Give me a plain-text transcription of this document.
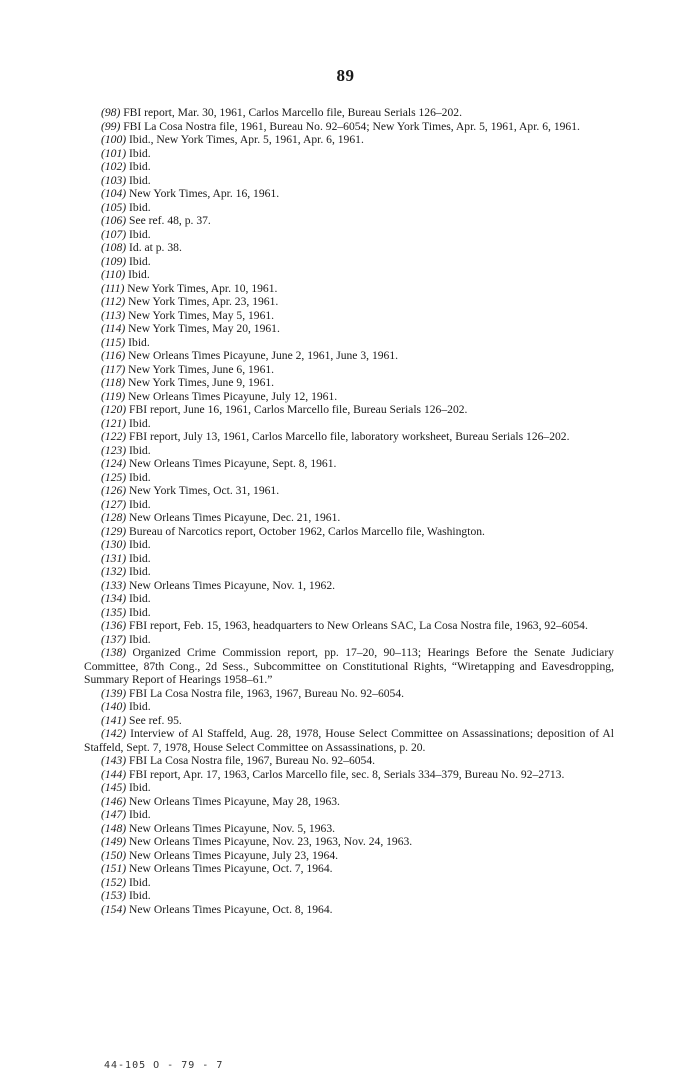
89

(98) FBI report, Mar. 30, 1961, Carlos Marcello file, Bureau Serials 126–202.

(99) FBI La Cosa Nostra file, 1961, Bureau No. 92–6054; New York Times, Apr. 5, 1961, Apr. 6, 1961.

(100) Ibid., New York Times, Apr. 5, 1961, Apr. 6, 1961.

(101) Ibid.

(102) Ibid.

(103) Ibid.

(104) New York Times, Apr. 16, 1961.

(105) Ibid.

(106) See ref. 48, p. 37.

(107) Ibid.

(108) Id. at p. 38.

(109) Ibid.

(110) Ibid.

(111) New York Times, Apr. 10, 1961.

(112) New York Times, Apr. 23, 1961.

(113) New York Times, May 5, 1961.

(114) New York Times, May 20, 1961.

(115) Ibid.

(116) New Orleans Times Picayune, June 2, 1961, June 3, 1961.

(117) New York Times, June 6, 1961.

(118) New York Times, June 9, 1961.

(119) New Orleans Times Picayune, July 12, 1961.

(120) FBI report, June 16, 1961, Carlos Marcello file, Bureau Serials 126–202.

(121) Ibid.

(122) FBI report, July 13, 1961, Carlos Marcello file, laboratory worksheet, Bureau Serials 126–202.

(123) Ibid.

(124) New Orleans Times Picayune, Sept. 8, 1961.

(125) Ibid.

(126) New York Times, Oct. 31, 1961.

(127) Ibid.

(128) New Orleans Times Picayune, Dec. 21, 1961.

(129) Bureau of Narcotics report, October 1962, Carlos Marcello file, Washington.

(130) Ibid.

(131) Ibid.

(132) Ibid.

(133) New Orleans Times Picayune, Nov. 1, 1962.

(134) Ibid.

(135) Ibid.

(136) FBI report, Feb. 15, 1963, headquarters to New Orleans SAC, La Cosa Nostra file, 1963, 92–6054.

(137) Ibid.

(138) Organized Crime Commission report, pp. 17–20, 90–113; Hearings Before the Senate Judiciary Committee, 87th Cong., 2d Sess., Subcommittee on Constitutional Rights, “Wiretapping and Eavesdropping, Summary Report of Hearings 1958–61.”

(139) FBI La Cosa Nostra file, 1963, 1967, Bureau No. 92–6054.

(140) Ibid.

(141) See ref. 95.

(142) Interview of Al Staffeld, Aug. 28, 1978, House Select Committee on Assassinations; deposition of Al Staffeld, Sept. 7, 1978, House Select Committee on Assassinations, p. 20.

(143) FBI La Cosa Nostra file, 1967, Bureau No. 92–6054.

(144) FBI report, Apr. 17, 1963, Carlos Marcello file, sec. 8, Serials 334–379, Bureau No. 92–2713.

(145) Ibid.

(146) New Orleans Times Picayune, May 28, 1963.

(147) Ibid.

(148) New Orleans Times Picayune, Nov. 5, 1963.

(149) New Orleans Times Picayune, Nov. 23, 1963, Nov. 24, 1963.

(150) New Orleans Times Picayune, July 23, 1964.

(151) New Orleans Times Picayune, Oct. 7, 1964.

(152) Ibid.

(153) Ibid.

(154) New Orleans Times Picayune, Oct. 8, 1964.

44-105 O - 79 - 7
